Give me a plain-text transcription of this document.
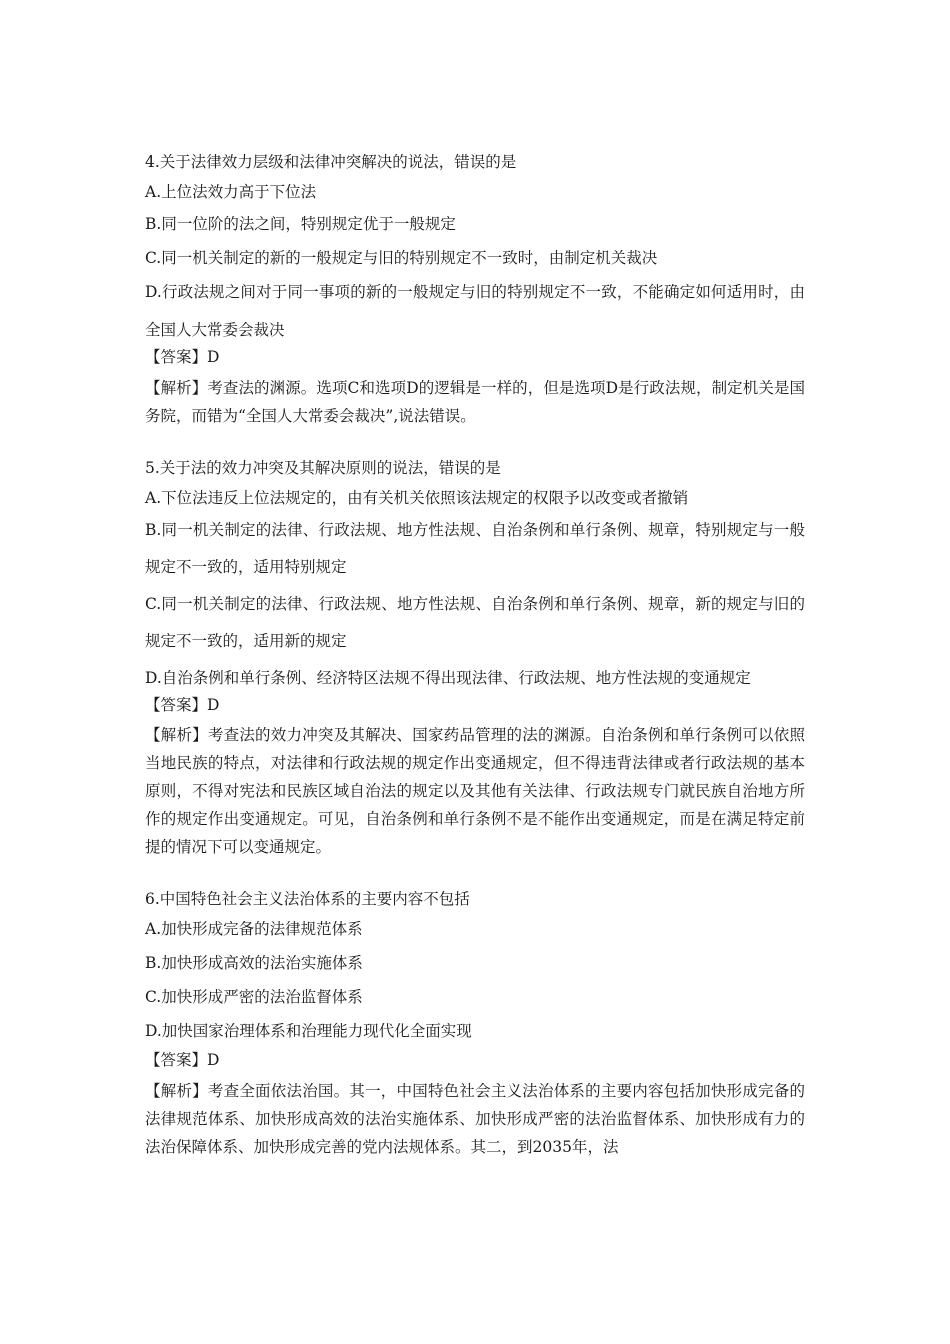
4.关于法律效力层级和法律冲突解决的说法，错误的是
A.上位法效力高于下位法
B.同一位阶的法之间，特别规定优于一般规定
C.同一机关制定的新的一般规定与旧的特别规定不一致时，由制定机关裁决
D.行政法规之间对于同一事项的新的一般规定与旧的特别规定不一致，不能确定如何适用时，由全国人大常委会裁决
【答案】D
【解析】考查法的渊源。选项C和选项D的逻辑是一样的，但是选项D是行政法规，制定机关是国务院，而错为“全国人大常委会裁决”,说法错误。
5.关于法的效力冲突及其解决原则的说法，错误的是
A.下位法违反上位法规定的，由有关机关依照该法规定的权限予以改变或者撤销
B.同一机关制定的法律、行政法规、地方性法规、自治条例和单行条例、规章，特别规定与一般规定不一致的，适用特别规定
C.同一机关制定的法律、行政法规、地方性法规、自治条例和单行条例、规章，新的规定与旧的规定不一致的，适用新的规定
D.自治条例和单行条例、经济特区法规不得出现法律、行政法规、地方性法规的变通规定
【答案】D
【解析】考查法的效力冲突及其解决、国家药品管理的法的渊源。自治条例和单行条例可以依照当地民族的特点，对法律和行政法规的规定作出变通规定，但不得违背法律或者行政法规的基本原则，不得对宪法和民族区域自治法的规定以及其他有关法律、行政法规专门就民族自治地方所作的规定作出变通规定。可见，自治条例和单行条例不是不能作出变通规定，而是在满足特定前提的情况下可以变通规定。
6.中国特色社会主义法治体系的主要内容不包括
A.加快形成完备的法律规范体系
B.加快形成高效的法治实施体系
C.加快形成严密的法治监督体系
D.加快国家治理体系和治理能力现代化全面实现
【答案】D
【解析】考查全面依法治国。其一，中国特色社会主义法治体系的主要内容包括加快形成完备的法律规范体系、加快形成高效的法治实施体系、加快形成严密的法治监督体系、加快形成有力的法治保障体系、加快形成完善的党内法规体系。其二，到2035年，法
